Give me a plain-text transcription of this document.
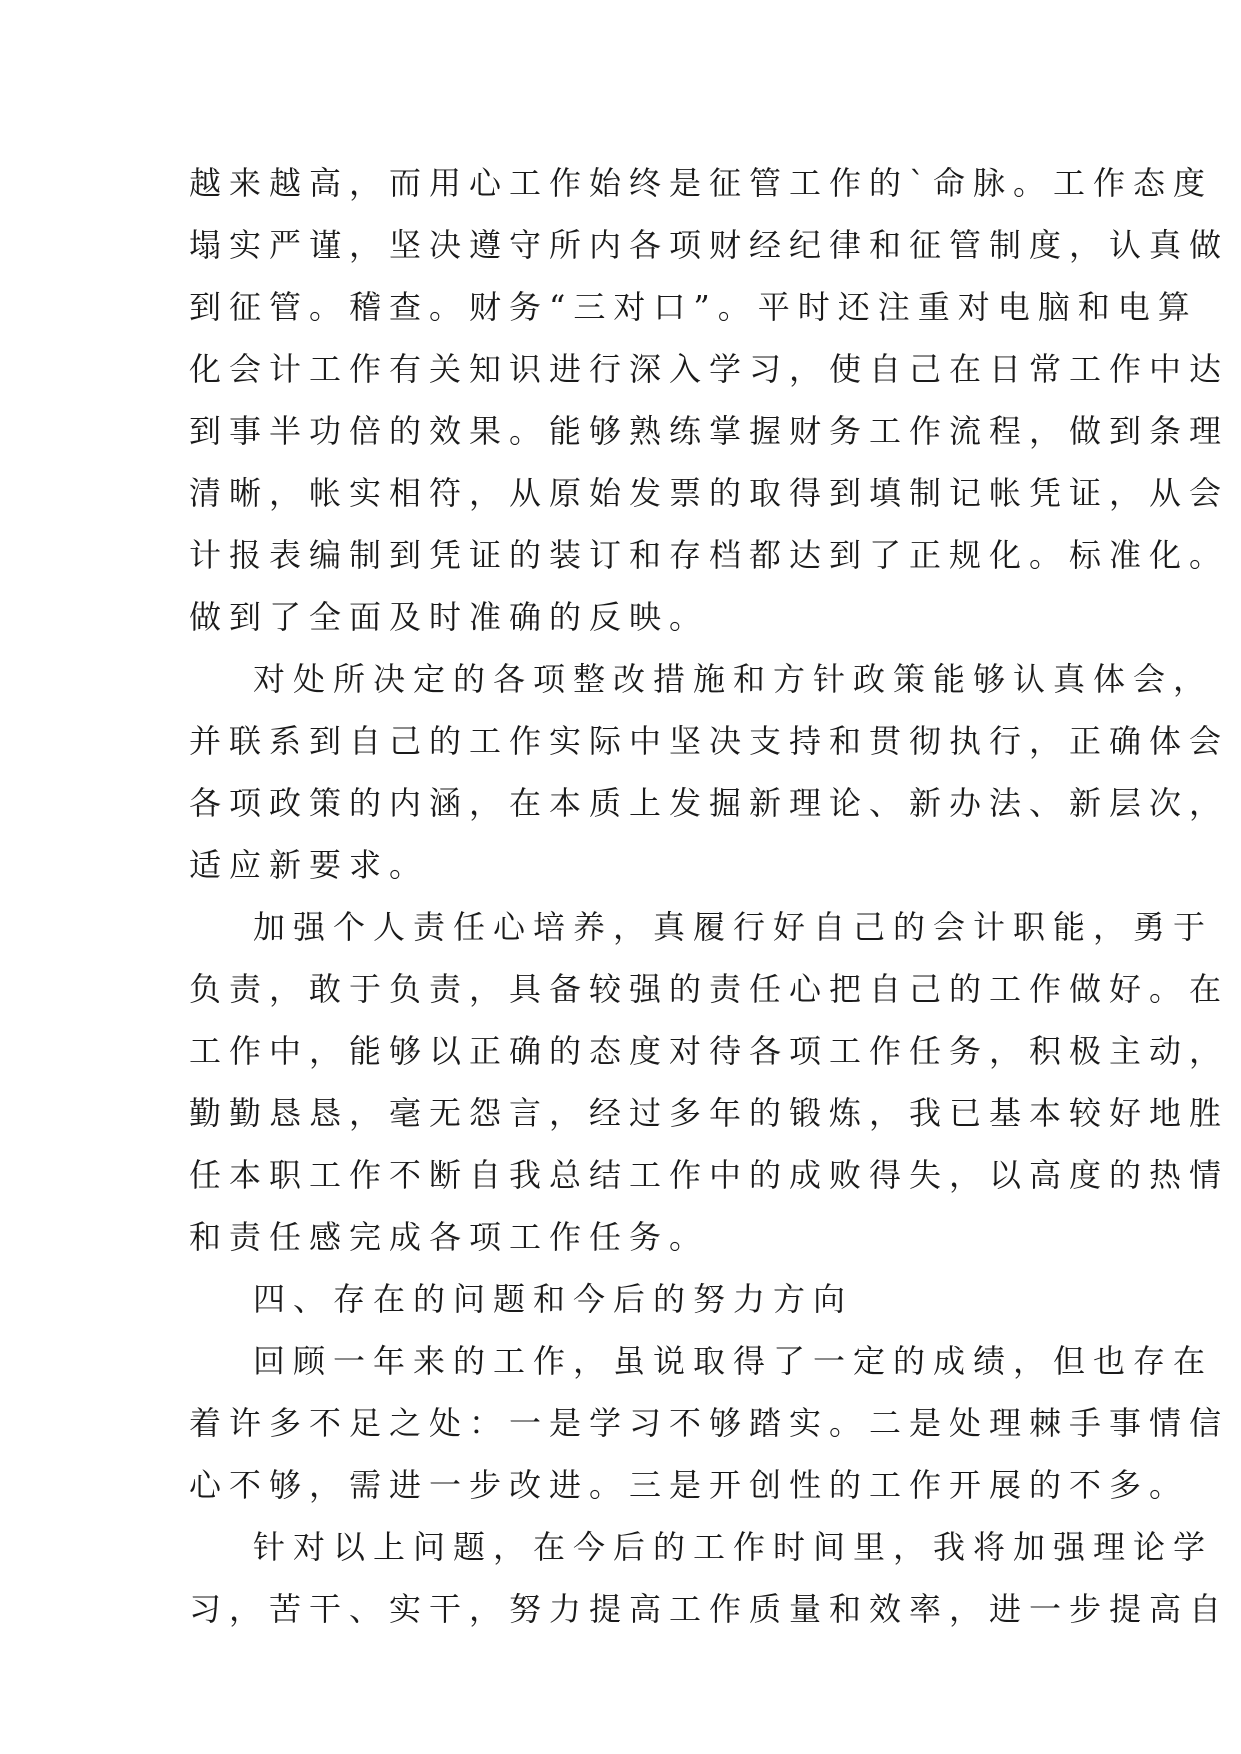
越来越高，而用心工作始终是征管工作的`命脉。工作态度
塌实严谨，坚决遵守所内各项财经纪律和征管制度，认真做
到征管。稽查。财务“三对口”。平时还注重对电脑和电算
化会计工作有关知识进行深入学习，使自己在日常工作中达
到事半功倍的效果。能够熟练掌握财务工作流程，做到条理
清晰，帐实相符，从原始发票的取得到填制记帐凭证，从会
计报表编制到凭证的装订和存档都达到了正规化。标准化。
做到了全面及时准确的反映。
对处所决定的各项整改措施和方针政策能够认真体会，
并联系到自己的工作实际中坚决支持和贯彻执行，正确体会
各项政策的内涵，在本质上发掘新理论、新办法、新层次，
适应新要求。
加强个人责任心培养，真履行好自己的会计职能，勇于
负责，敢于负责，具备较强的责任心把自己的工作做好。在
工作中，能够以正确的态度对待各项工作任务，积极主动，
勤勤恳恳，毫无怨言，经过多年的锻炼，我已基本较好地胜
任本职工作不断自我总结工作中的成败得失，以高度的热情
和责任感完成各项工作任务。
四、存在的问题和今后的努力方向
回顾一年来的工作，虽说取得了一定的成绩，但也存在
着许多不足之处：一是学习不够踏实。二是处理棘手事情信
心不够，需进一步改进。三是开创性的工作开展的不多。
针对以上问题，在今后的工作时间里，我将加强理论学
习，苦干、实干，努力提高工作质量和效率，进一步提高自
